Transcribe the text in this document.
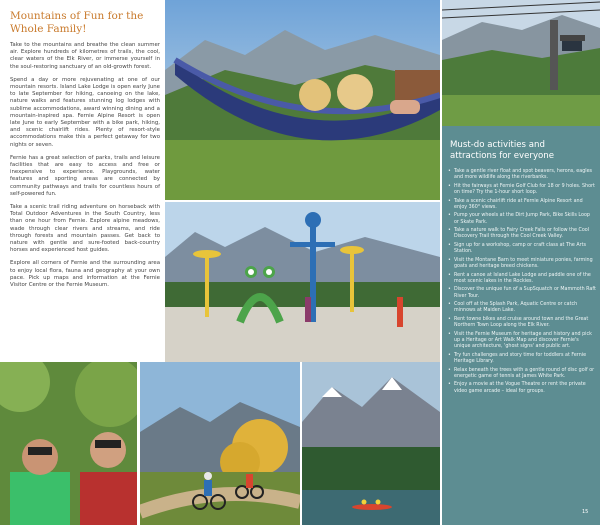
Mountains of Fun for the
Whole Family!

Take to the mountains and breathe the clean summer air. Explore hundreds of kilometres of trails, the cool, clear waters of the Elk River, or immerse yourself in the soul-restoring sanctuary of an old-growth forest.

Spend a day or more rejuvenating at one of our mountain resorts. Island Lake Lodge is open early June to late September for hiking, canoeing on the lake, nature walks and features stunning log lodges with sublime accommodations, award winning dining and a mountain-inspired spa. Fernie Alpine Resort is open late June to early September with a bike park, hiking, and scenic chairlift rides. Plenty of resort-style accommodations make this a perfect getaway for two nights or seven.

Fernie has a great selection of parks, trails and leisure facilities that are easy to access and free or inexpensive to experience. Playgrounds, water features and sporting areas are connected by community pathways and trails for countless hours of self-powered fun.

Take a scenic trail riding adventure on horseback with Total Outdoor Adventures in the South Country, less than one hour from Fernie. Explore alpine meadows, wade through clear rivers and streams, and ride through forests and mountain passes. Get back to nature with gentle and sure-footed back-country horses and experienced host guides.

Explore all corners of Fernie and the surrounding area to enjoy local flora, fauna and geography at your own pace. Pick up maps and information at the Fernie Visitor Centre or the Fernie Museum.

Must-do activities and
attractions for everyone
• Take a gentle river float and spot beavers, herons, eagles and more wildlife along the riverbanks.
• Hit the fairways at Fernie Golf Club for 18 or 9 holes. Short on time? Try the 1-hour short loop.
• Take a scenic chairlift ride at Fernie Alpine Resort and enjoy 360° views.
• Pump your wheels at the Dirt Jump Park, Bike Skills Loop or Skate Park.
• Take a nature walk to Fairy Creek Falls or follow the Cool Discovery Trail through the Cool Creek Valley.
• Sign up for a workshop, camp or craft class at The Arts Station.
• Visit the Montane Barn to meet miniature ponies, farming goats and heritage breed chickens.
• Rent a canoe at Island Lake Lodge and paddle one of the most scenic lakes in the Rockies.
• Discover the unique fun of a SupSquatch or Mammoth Raft River Tour.
• Cool off at the Splash Park, Aquatic Centre or catch minnows at Maiden Lake.
• Rent towne bikes and cruise around town and the Great Northern Town Loop along the Elk River.
• Visit the Fernie Museum for heritage and history and pick up a Heritage or Art Walk Map and discover Fernie's unique architecture, 'ghost signs' and public art.
• Try fun challenges and story time for toddlers at Fernie Heritage Library.
• Relax beneath the trees with a gentle round of disc golf or energetic game of tennis at James White Park.
• Enjoy a movie at the Vogue Theatre or rent the private video game arcade – ideal for groups.
15
